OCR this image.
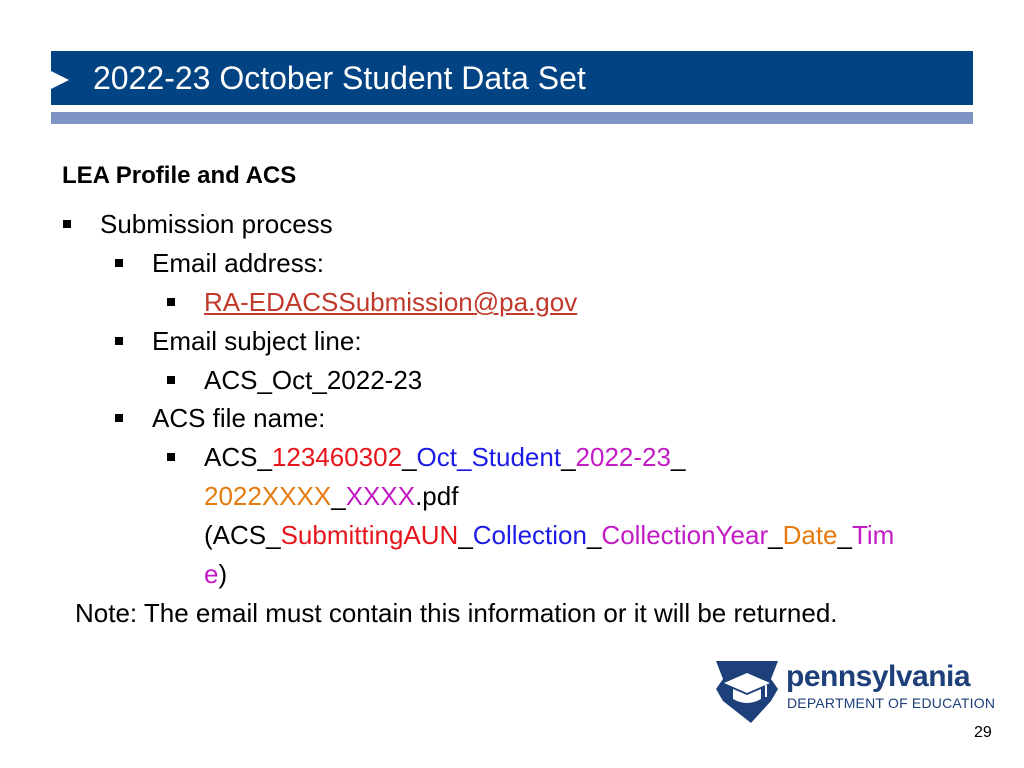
2022-23 October Student Data Set
LEA Profile and ACS
Submission process
Email address:
RA-EDACSSubmission@pa.gov
Email subject line:
ACS_Oct_2022-23
ACS file name:
ACS_123460302_Oct_Student_2022-23_
2022XXXX_XXXX.pdf
(ACS_SubmittingAUN_Collection_CollectionYear_Date_Tim
e)
Note: The email must contain this information or it will be returned.
pennsylvania
DEPARTMENT OF EDUCATION
29
